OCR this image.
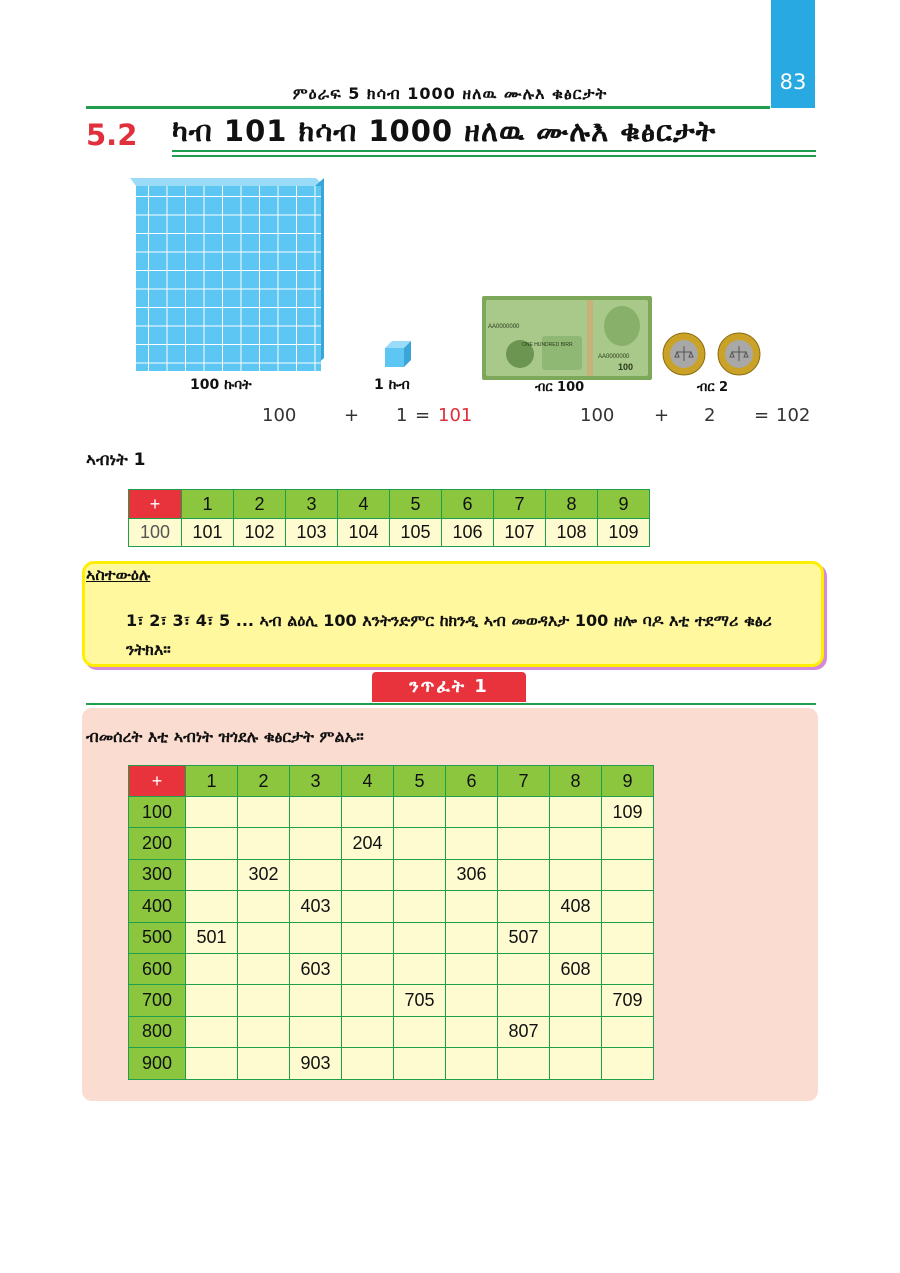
83
ምዕራፍ 5 ክሳብ 1000 ዘለዉ ሙሉእ ቁፅርታት
5.2 ካብ 101 ክሳብ 1000 ዘለዉ ሙሉእ ቁፅርታት
100 ኩባት	1 ኩብ
AA0000000
AA0000000
ONE HUNDRED BIRR
100
ብር 100	ብር 2
100	+ 1 = 101	100 + 2 = 102
ኣብነት 1
+	1	2	3	4	5	6	7	8	9
100	101	102	103	104	105	106	107	108	109
ኣስተውዕሉ
1፣ 2፣ 3፣ 4፣ 5 ... ኣብ ልዕሊ 100 እንትንድምር ከክንዲ ኣብ መወዳእታ 100 ዘሎ ባዶ እቲ ተደማሪ ቁፅሪ ንትክእ።
ንጥፈት 1
ብመሰረት እቲ ኣብነት ዝጎደሉ ቁፅርታት ምልኡ።
+	1	2	3	4	5	6	7	8	9
100									109
200				204					
300		302				306			
400			403					408	
500	501						507		
600			603					608	
700					705				709
800							807		
900			903						
